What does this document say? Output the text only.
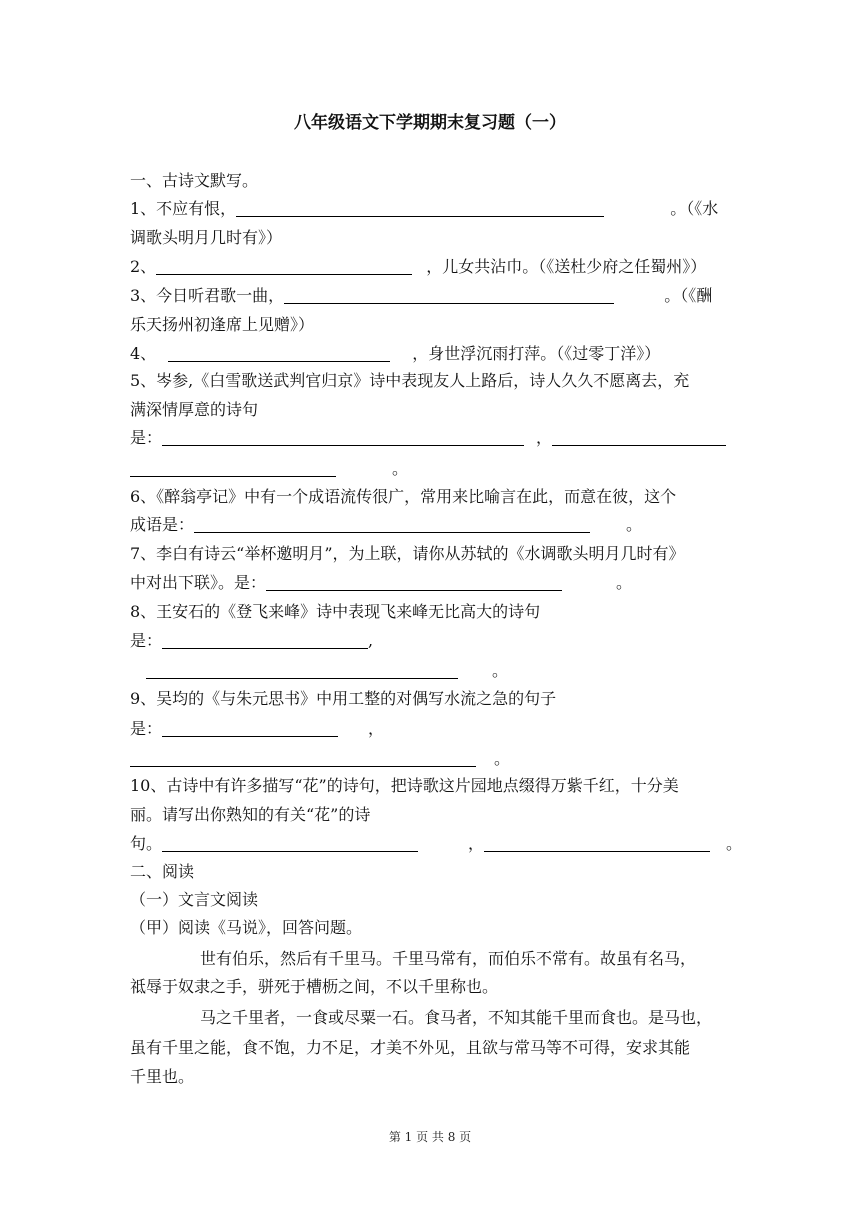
八年级语文下学期期末复习题（一）
一、古诗文默写。
1、不应有恨，	。（《水
调歌头明月几时有》）
2、	，儿女共沾巾。（《送杜少府之任蜀州》）
3、今日听君歌一曲，	。（《酬
乐天扬州初逢席上见赠》）
4、	，身世浮沉雨打萍。（《过零丁洋》）
5、岑参,《白雪歌送武判官归京》诗中表现友人上路后，诗人久久不愿离去，充
满深情厚意的诗句
是：	，
。
6、《醉翁亭记》中有一个成语流传很广，常用来比喻言在此，而意在彼，这个
成语是：	。
7、李白有诗云“举杯邀明月”，为上联，请你从苏轼的《水调歌头明月几时有》
中对出下联》。是：	。
8、王安石的《登飞来峰》诗中表现飞来峰无比高大的诗句
是：	,
。
9、吴均的《与朱元思书》中用工整的对偶写水流之急的句子
是：	，
。
10、古诗中有许多描写“花”的诗句，把诗歌这片园地点缀得万紫千红，十分美
丽。请写出你熟知的有关“花”的诗
句。	，	。
二、阅读
（一）文言文阅读
（甲）阅读《马说》，回答问题。
世有伯乐，然后有千里马。千里马常有，而伯乐不常有。故虽有名马，
祗辱于奴隶之手，骈死于槽枥之间，不以千里称也。
马之千里者，一食或尽粟一石。食马者，不知其能千里而食也。是马也，
虽有千里之能，食不饱，力不足，才美不外见，且欲与常马等不可得，安求其能
千里也。
第 1 页 共 8 页
